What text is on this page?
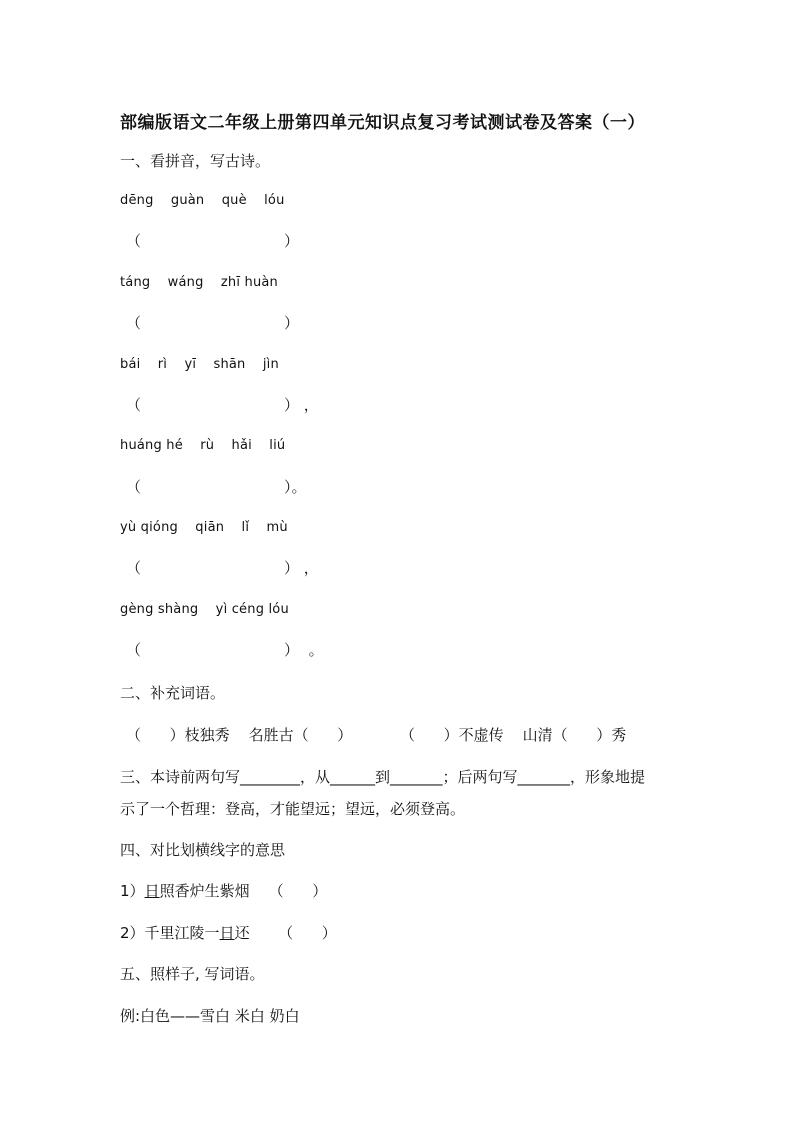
部编版语文二年级上册第四单元知识点复习考试测试卷及答案（一）
一、看拼音，写古诗。
dēng    guàn    què    lóu
（                              ）
táng    wáng    zhī huàn
（                              ）
bái    rì    yī    shān    jìn
（                              ） ，
huáng hé    rù    hǎi    liú
（                              ）。
yù qióng    qiān    lǐ    mù
（                              ） ，
gèng shàng    yì céng lóu
（                              ）  。
二、补充词语。
（      ）枝独秀    名胜古（      ）          （      ）不虚传    山清（      ）秀
三、本诗前两句写________，从______到_______；后两句写_______，形象地提
示了一个哲理：登高，才能望远；望远，必须登高。
四、对比划横线字的意思
1）日照香炉生紫烟    （      ）
2）千里江陵一日还      （      ）
五、照样子, 写词语。
例:白色——雪白 米白 奶白
